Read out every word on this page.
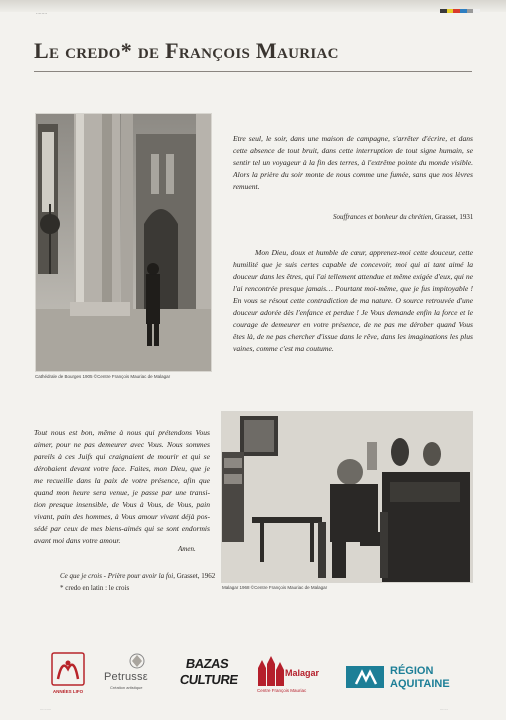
........
Le credo* de François Mauriac
Cathédrale de Bourges 1905 ©Centre François Mauriac de Malagar
Etre seul, le soir, dans une maison de campagne, s'arrêter d'écrire, et dans
cette absence de tout bruit, dans cette interruption de tout signe humain, se
sentir tel un voyageur à la fin des terres, à l'extrême pointe du monde visible.
Alors la prière du soir monte de nous comme une fumée, sans que nos lèvres
remuent.
Souffrances et bonheur du chrétien, Grasset, 1931
Mon Dieu, doux et humble de cœur, apprenez-moi cette douceur, cette
humilité que je suis certes capable de concevoir, moi qui ai tant aimé la
douceur dans les êtres, qui l'ai tellement attendue et même exigée d'eux, qui ne
l'ai rencontrée presque jamais… Pourtant moi-même, que je fus impitoyable !
En vous se résout cette contradiction de ma nature. O source retrouvée d'une
douceur adorée dès l'enfance et perdue ! Je Vous demande enfin la force et le
courage de demeurer en votre présence, de ne pas me dérober quand Vous
êtes là, de ne pas chercher d'issue dans le rêve, dans les imaginations les plus
vaines, comme c'est ma coutume.
Tout nous est bon, même à nous qui prétendons Vous
aimer, pour ne pas demeurer avec Vous. Nous sommes
pareils à ces Juifs qui craignaient de mourir et qui se
dérobaient devant votre face. Faites, mon Dieu, que je
me recueille dans la paix de votre présence, afin que
quand mon heure sera venue, je passe par une transi-
tion presque insensible, de Vous à Vous, de Vous, pain
vivant, pain des hommes, à Vous amour vivant déjà pos-
sédé par ceux de mes biens-aimés qui se sont endormis
avant moi dans votre amour.
Amen.
Ce que je crois - Prière pour avoir la foi, Grasset, 1962
* credo en latin : le crois	Malagar 1968 ©Centre François Mauriac de Malagar
ANNÉES LIFO
Petrussε
Création artistique
BAZAS
CULTURE	Malagar
Centre François Mauriac
RÉGION
AQUITAINE
..........	.......
